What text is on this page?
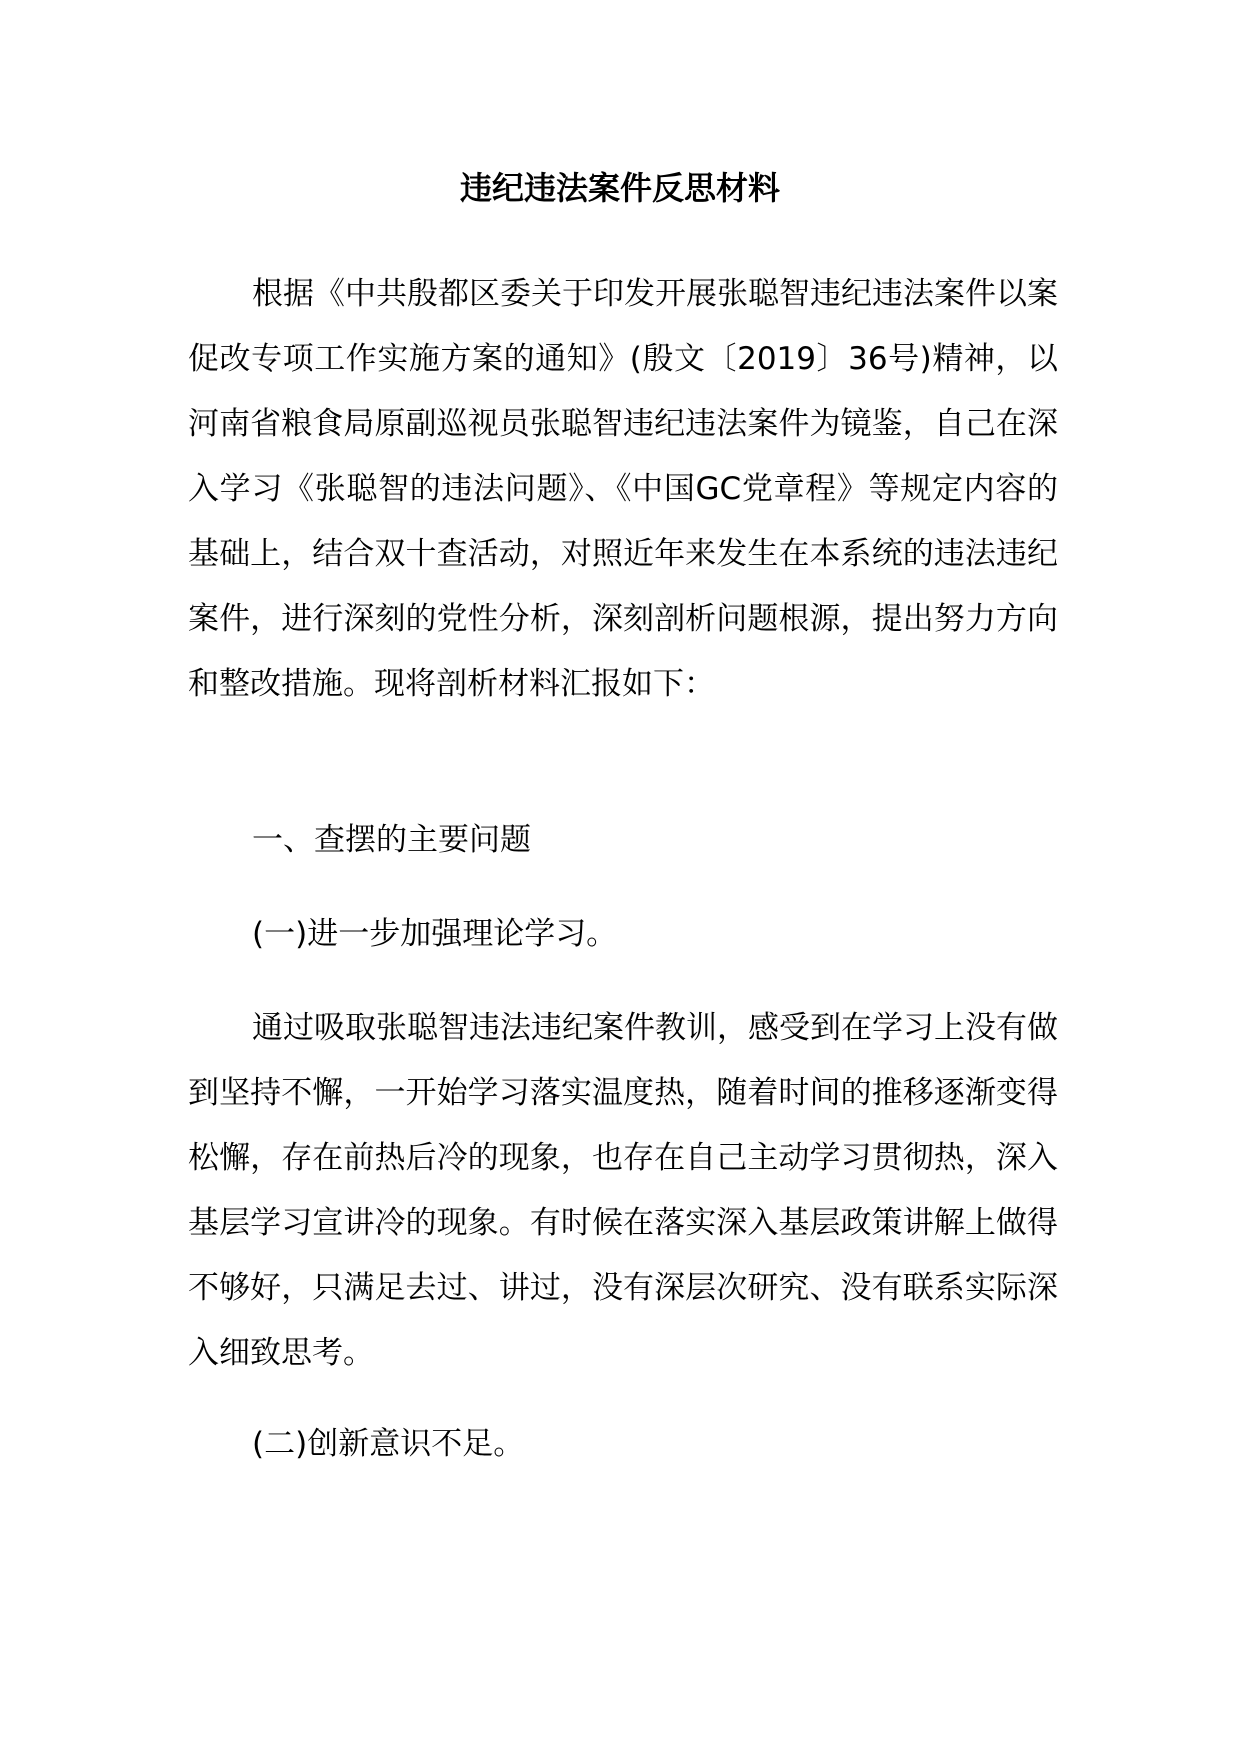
违纪违法案件反思材料

根据《中共殷都区委关于印发开展张聪智违纪违法案件以案促改专项工作实施方案的通知》(殷文〔2019〕36号)精神，以河南省粮食局原副巡视员张聪智违纪违法案件为镜鉴，自己在深入学习《张聪智的违法问题》、《中国GC党章程》等规定内容的基础上，结合双十查活动，对照近年来发生在本系统的违法违纪案件，进行深刻的党性分析，深刻剖析问题根源，提出努力方向和整改措施。现将剖析材料汇报如下：

一、查摆的主要问题

(一)进一步加强理论学习。

通过吸取张聪智违法违纪案件教训，感受到在学习上没有做到坚持不懈，一开始学习落实温度热，随着时间的推移逐渐变得松懈，存在前热后冷的现象，也存在自己主动学习贯彻热，深入基层学习宣讲冷的现象。有时候在落实深入基层政策讲解上做得不够好，只满足去过、讲过，没有深层次研究、没有联系实际深入细致思考。

(二)创新意识不足。
